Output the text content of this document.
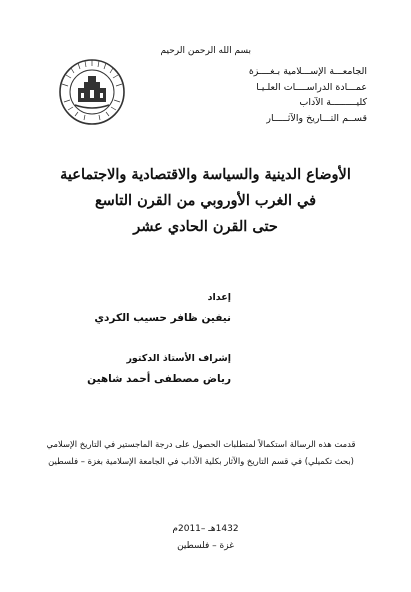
بسم الله الرحمن الرحيم
الجامعـــة الإســـلامية بـغــــزة
عمـــادة الدراســــات العلـيـا
كليـــــــــة الآداب
قســم التـــاريخ والآثـــــار
الأوضاع الدينية والسياسة والاقتصادية والاجتماعية
في الغرب الأوروبي من القرن التاسع
حتى القرن الحادي عشر
إعداد
نيفين ظافر حسيب الكردي
إشراف الأستاذ الدكتور
رياض مصطفى أحمد شاهين
قدمت هذه الرسالة استكمالاً لمتطلبات الحصول على درجة الماجستير في التاريخ الإسلامي
(بحث تكميلي) في قسم التاريخ والآثار بكلية الآداب في الجامعة الإسلامية بغزة – فلسطين
1432هـ –2011م
غزة – فلسطين
